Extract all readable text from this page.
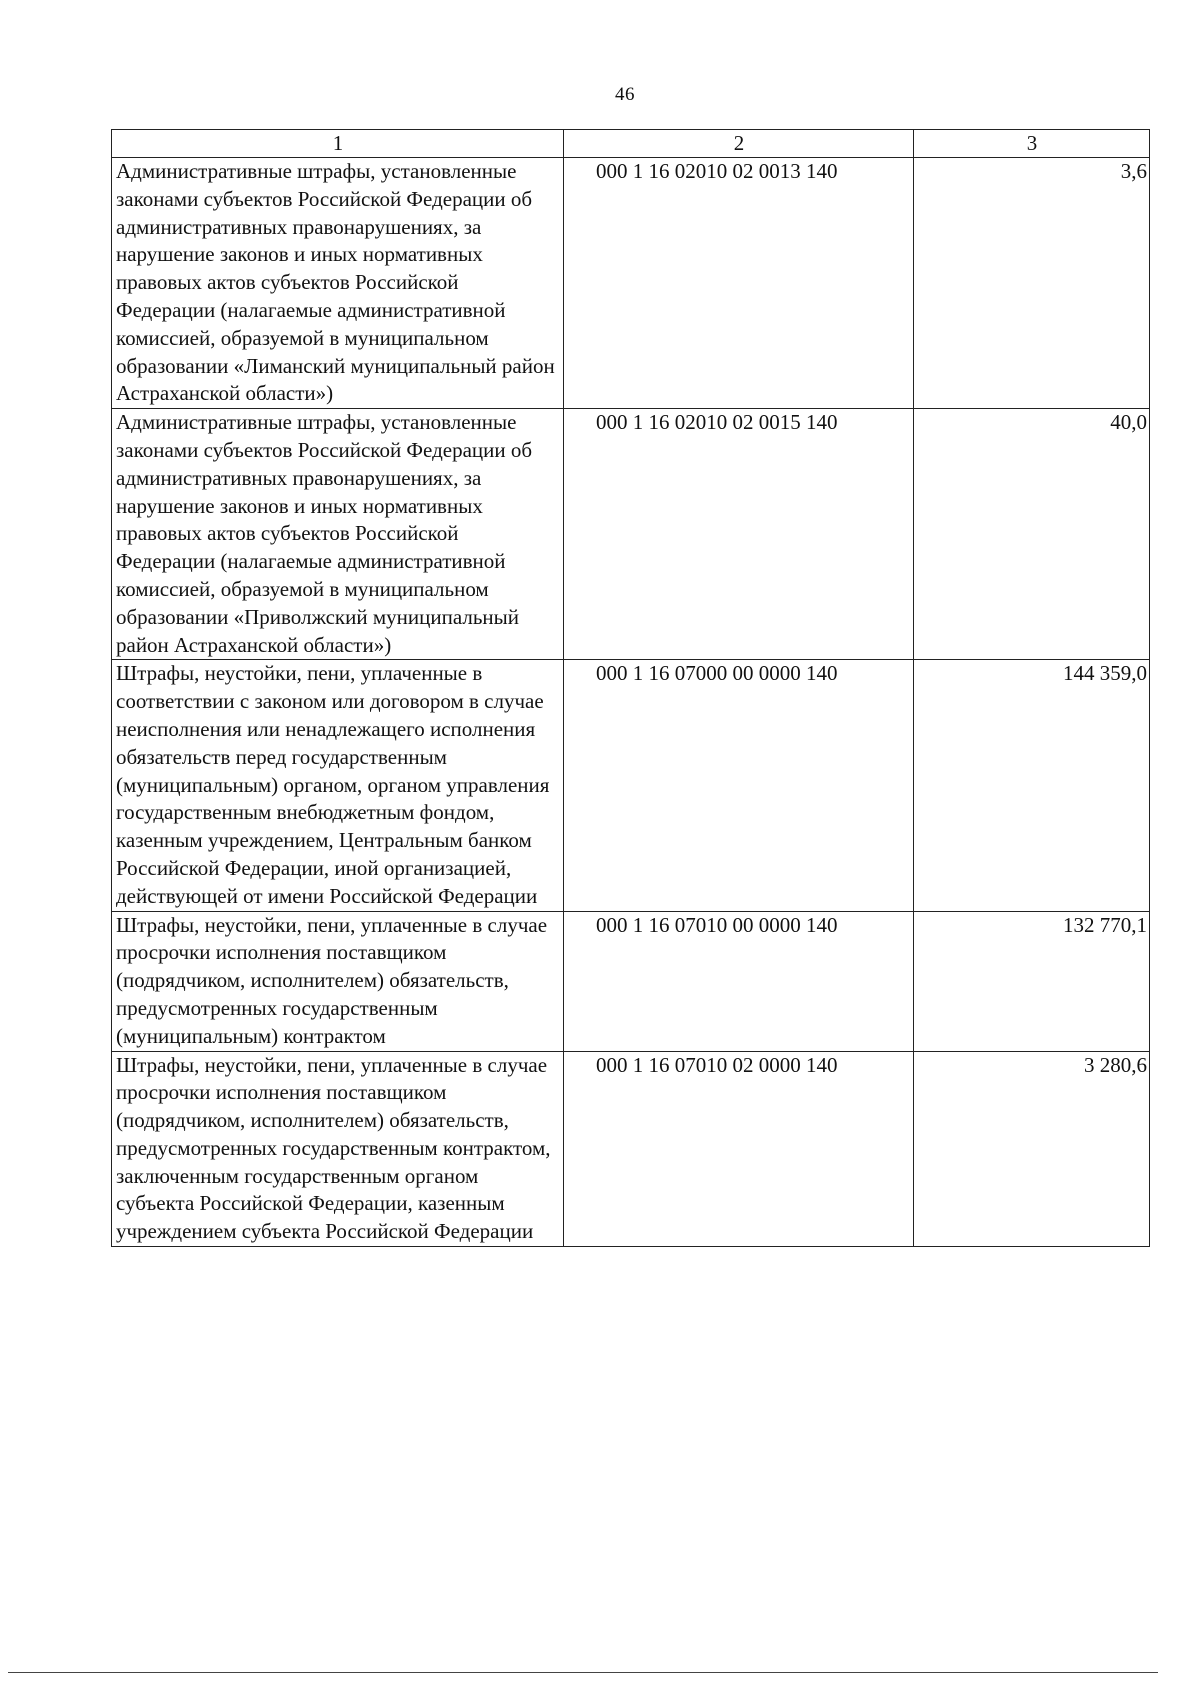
46
1	2	3
Административные штрафы, установленные законами субъектов Российской Федерации об административных правонарушениях, за нарушение законов и иных нормативных правовых актов субъектов Российской Федерации (налагаемые административной комиссией, образуемой в муниципальном образовании «Лиманский муниципальный район Астраханской области»)	000 1 16 02010 02 0013 140	3,6
Административные штрафы, установленные законами субъектов Российской Федерации об административных правонарушениях, за нарушение законов и иных нормативных правовых актов субъектов Российской Федерации (налагаемые административной комиссией, образуемой в муниципальном образовании «Приволжский муниципальный район Астраханской области»)	000 1 16 02010 02 0015 140	40,0
Штрафы, неустойки, пени, уплаченные в соответствии с законом или договором в случае неисполнения или ненадлежащего исполнения обязательств перед государственным (муниципальным) органом, органом управления государственным внебюджетным фондом, казенным учреждением, Центральным банком Российской Федерации, иной организацией, действующей от имени Российской Федерации	000 1 16 07000 00 0000 140	144 359,0
Штрафы, неустойки, пени, уплаченные в случае просрочки исполнения поставщиком (подрядчиком, исполнителем) обязательств, предусмотренных государственным (муниципальным) контрактом	000 1 16 07010 00 0000 140	132 770,1
Штрафы, неустойки, пени, уплаченные в случае просрочки исполнения поставщиком (подрядчиком, исполнителем) обязательств, предусмотренных государственным контрактом, заключенным государственным органом субъекта Российской Федерации, казенным учреждением субъекта Российской Федерации	000 1 16 07010 02 0000 140	3 280,6
